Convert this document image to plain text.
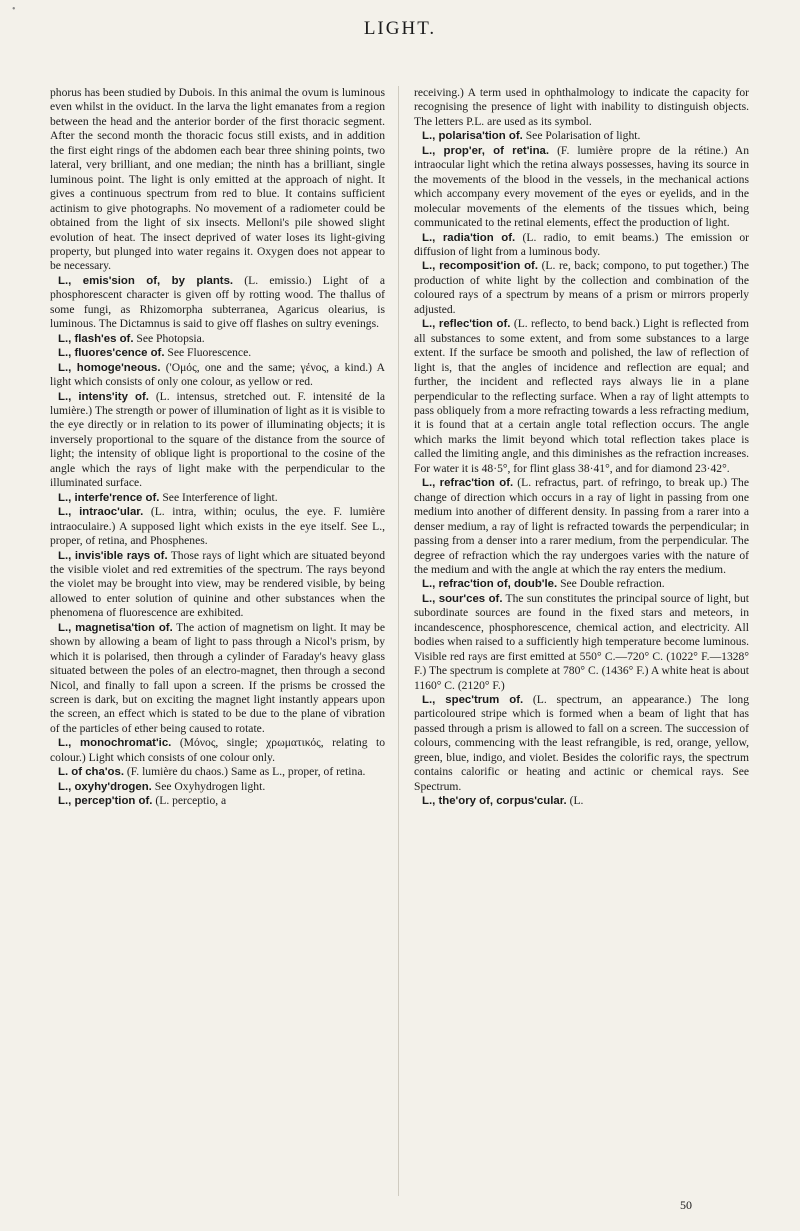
•
LIGHT.

phorus has been studied by Dubois. In this animal the ovum is luminous even whilst in the oviduct. In the larva the light emanates from a region between the head and the anterior border of the first thoracic segment. After the second month the thoracic focus still exists, and in addition the first eight rings of the abdomen each bear three shining points, two lateral, very brilliant, and one median; the ninth has a brilliant, single luminous point. The light is only emitted at the approach of night. It gives a continuous spectrum from red to blue. It contains sufficient actinism to give photographs. No movement of a radiometer could be obtained from the light of six insects. Melloni's pile showed slight evolution of heat. The insect deprived of water loses its light-giving property, but plunged into water regains it. Oxygen does not appear to be necessary.

L., emis'sion of, by plants. (L. emissio.) Light of a phosphorescent character is given off by rotting wood. The thallus of some fungi, as Rhizomorpha subterranea, Agaricus olearius, is luminous. The Dictamnus is said to give off flashes on sultry evenings.

L., flash'es of. See Photopsia.

L., fluores'cence of. See Fluorescence.

L., homoge'neous. ('Ομός, one and the same; γένος, a kind.) A light which consists of only one colour, as yellow or red.

L., intens'ity of. (L. intensus, stretched out. F. intensité de la lumière.) The strength or power of illumination of light as it is visible to the eye directly or in relation to its power of illuminating objects; it is inversely proportional to the square of the distance from the source of light; the intensity of oblique light is proportional to the cosine of the angle which the rays of light make with the perpendicular to the illuminated surface.

L., interfe'rence of. See Interference of light.

L., intraoc'ular. (L. intra, within; oculus, the eye. F. lumière intraoculaire.) A supposed light which exists in the eye itself. See L., proper, of retina, and Phosphenes.

L., invis'ible rays of. Those rays of light which are situated beyond the visible violet and red extremities of the spectrum. The rays beyond the violet may be brought into view, may be rendered visible, by being allowed to enter solution of quinine and other substances when the phenomena of fluorescence are exhibited.

L., magnetisa'tion of. The action of magnetism on light. It may be shown by allowing a beam of light to pass through a Nicol's prism, by which it is polarised, then through a cylinder of Faraday's heavy glass situated between the poles of an electro-magnet, then through a second Nicol, and finally to fall upon a screen. If the prisms be crossed the screen is dark, but on exciting the magnet light instantly appears upon the screen, an effect which is stated to be due to the plane of vibration of the particles of ether being caused to rotate.

L., monochromat'ic. (Μόνος, single; χρωματικός, relating to colour.) Light which consists of one colour only.

L. of cha'os. (F. lumière du chaos.) Same as L., proper, of retina.

L., oxyhy'drogen. See Oxyhydrogen light.

L., percep'tion of. (L. perceptio, a

receiving.) A term used in ophthalmology to indicate the capacity for recognising the presence of light with inability to distinguish objects. The letters P.L. are used as its symbol.

L., polarisa'tion of. See Polarisation of light.

L., prop'er, of ret'ina. (F. lumière propre de la rétine.) An intraocular light which the retina always possesses, having its source in the movements of the blood in the vessels, in the mechanical actions which accompany every movement of the eyes or eyelids, and in the molecular movements of the elements of the tissues which, being communicated to the retinal elements, effect the production of light.

L., radia'tion of. (L. radio, to emit beams.) The emission or diffusion of light from a luminous body.

L., recomposit'ion of. (L. re, back; compono, to put together.) The production of white light by the collection and combination of the coloured rays of a spectrum by means of a prism or mirrors properly adjusted.

L., reflec'tion of. (L. reflecto, to bend back.) Light is reflected from all substances to some extent, and from some substances to a large extent. If the surface be smooth and polished, the law of reflection of light is, that the angles of incidence and reflection are equal; and further, the incident and reflected rays always lie in a plane perpendicular to the reflecting surface. When a ray of light attempts to pass obliquely from a more refracting towards a less refracting medium, it is found that at a certain angle total reflection occurs. The angle which marks the limit beyond which total reflection takes place is called the limiting angle, and this diminishes as the refraction increases. For water it is 48·5°, for flint glass 38·41°, and for diamond 23·42°.

L., refrac'tion of. (L. refractus, part. of refringo, to break up.) The change of direction which occurs in a ray of light in passing from one medium into another of different density. In passing from a rarer into a denser medium, a ray of light is refracted towards the perpendicular; in passing from a denser into a rarer medium, from the perpendicular. The degree of refraction which the ray undergoes varies with the nature of the medium and with the angle at which the ray enters the medium.

L., refrac'tion of, doub'le. See Double refraction.

L., sour'ces of. The sun constitutes the principal source of light, but subordinate sources are found in the fixed stars and meteors, in incandescence, phosphorescence, chemical action, and electricity. All bodies when raised to a sufficiently high temperature become luminous. Visible red rays are first emitted at 550° C.—720° C. (1022° F.—1328° F.) The spectrum is complete at 780° C. (1436° F.) A white heat is about 1160° C. (2120° F.)

L., spec'trum of. (L. spectrum, an appearance.) The long particoloured stripe which is formed when a beam of light that has passed through a prism is allowed to fall on a screen. The succession of colours, commencing with the least refrangible, is red, orange, yellow, green, blue, indigo, and violet. Besides the colorific rays, the spectrum contains calorific or heating and actinic or chemical rays. See Spectrum.

L., the'ory of, corpus'cular. (L.

50
